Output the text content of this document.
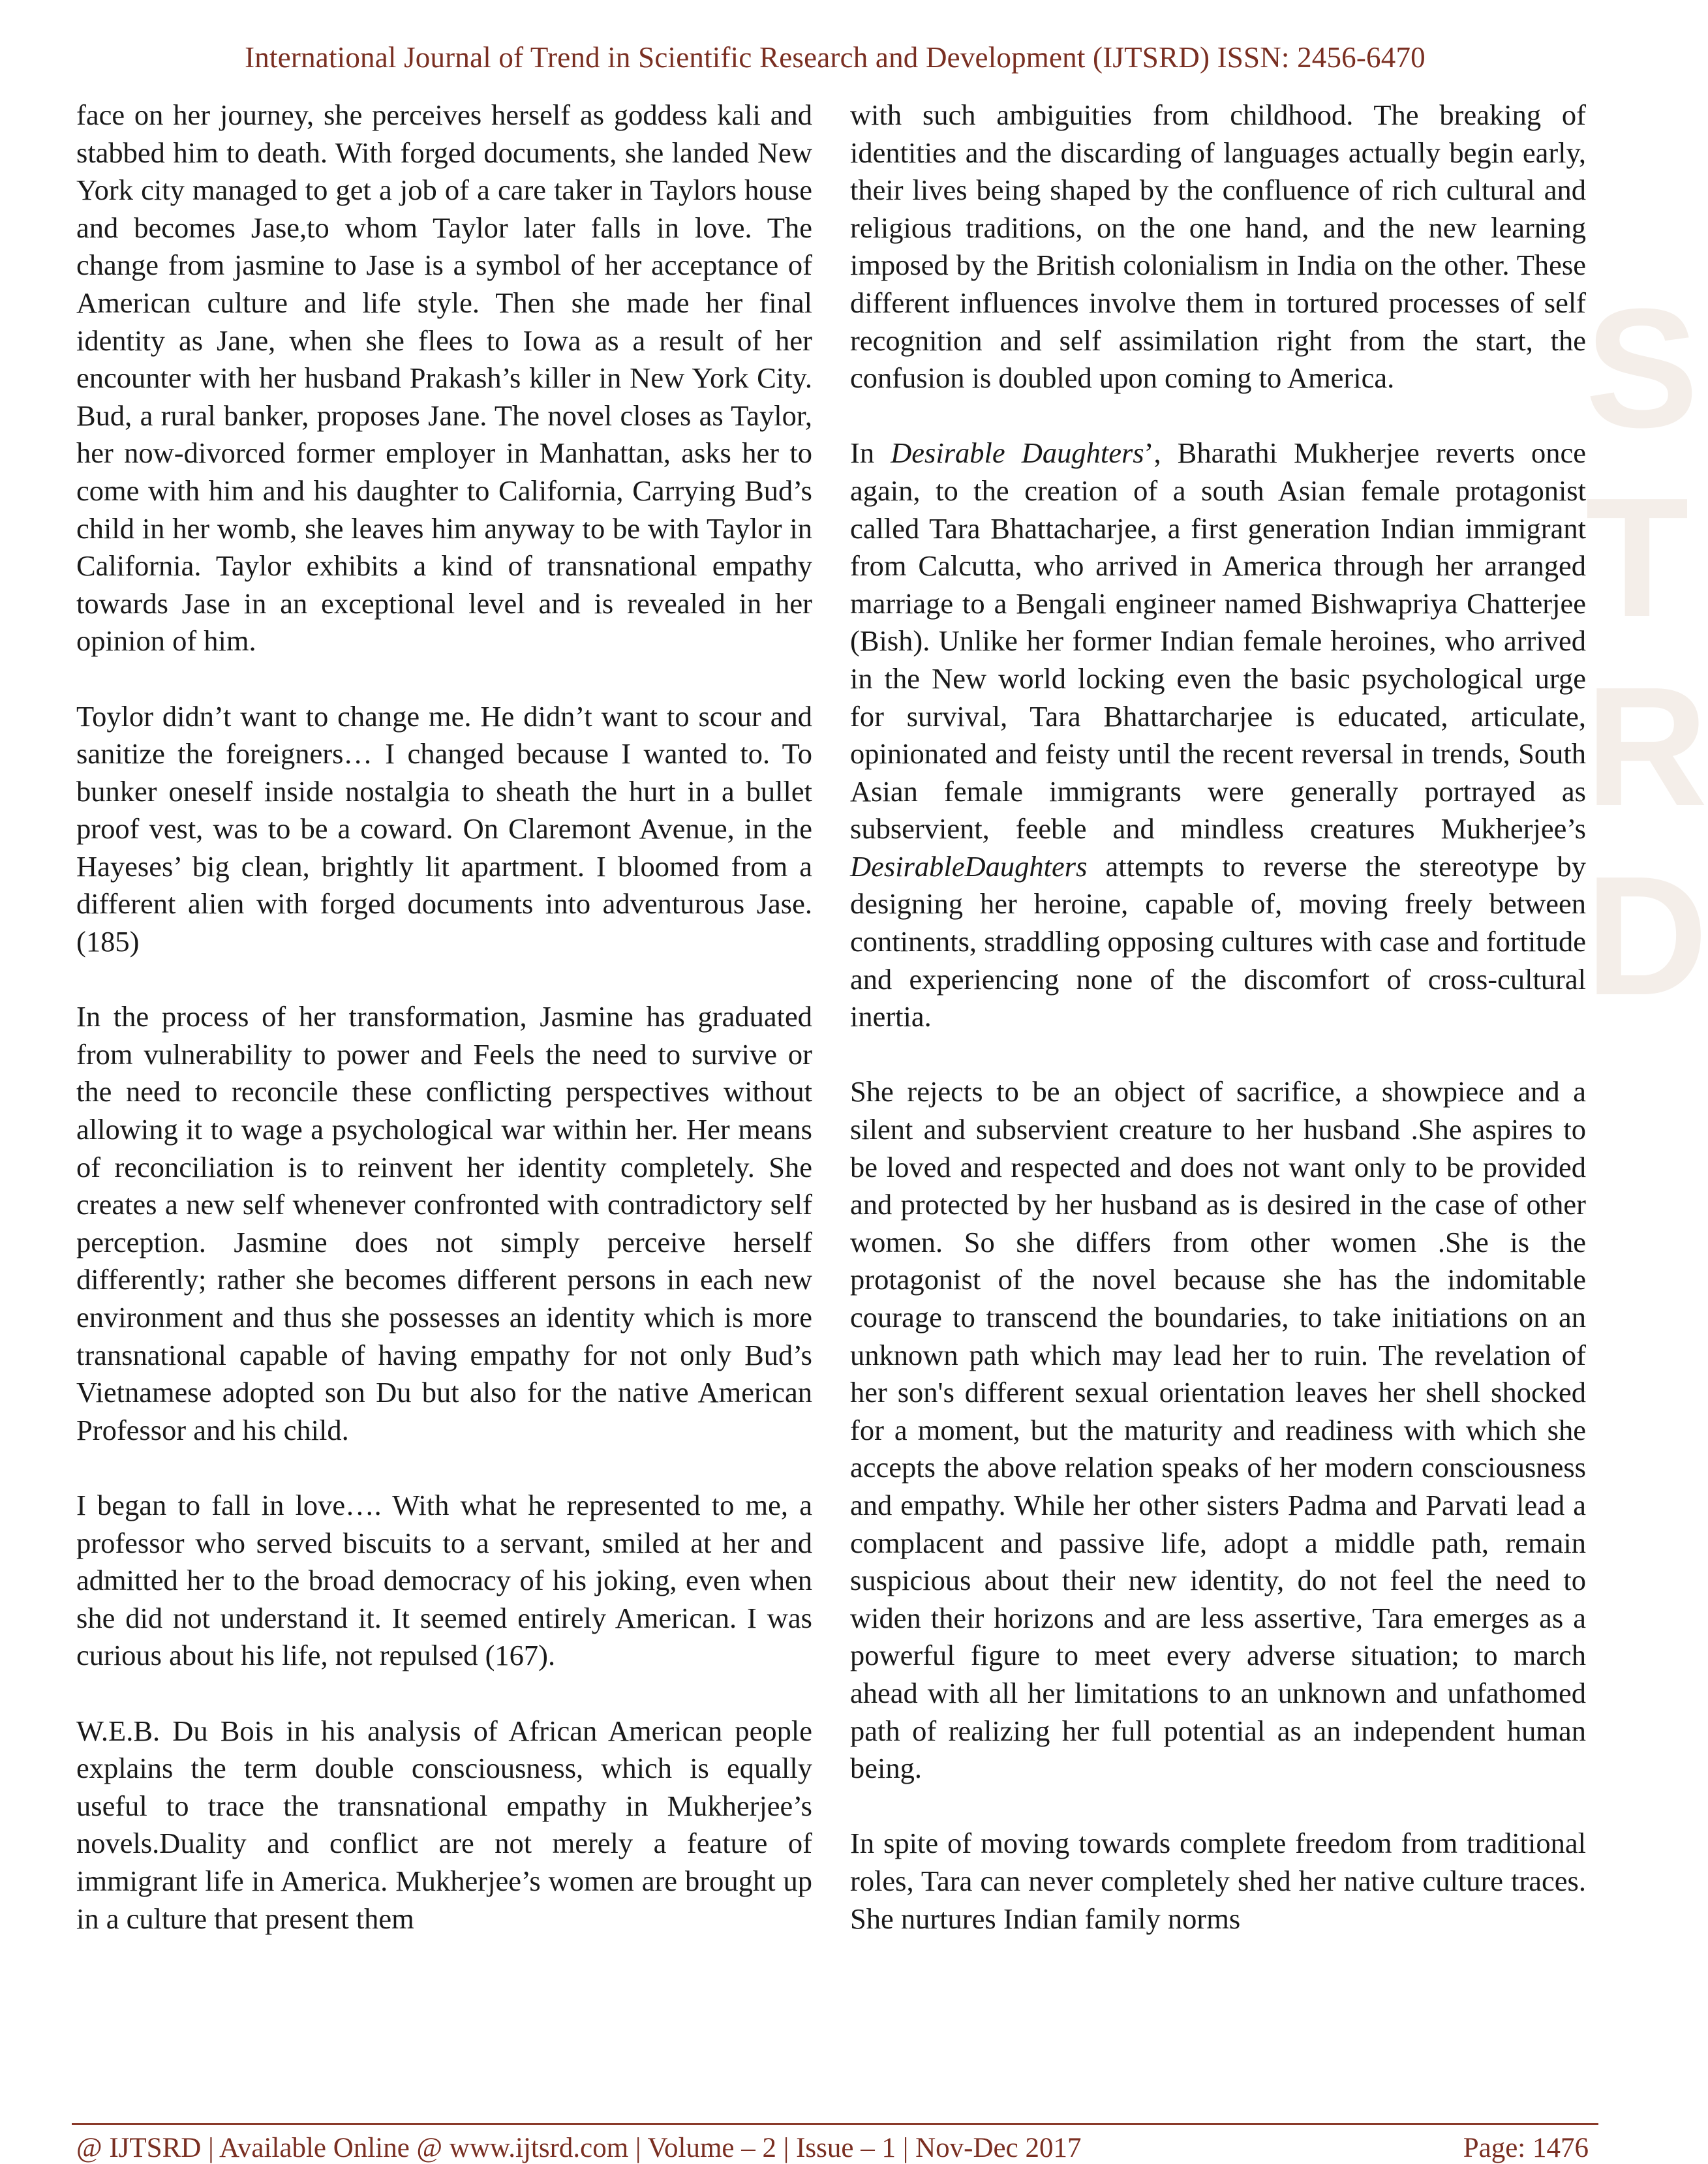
S
T
R
D
International Journal of Trend in Scientific Research and Development (IJTSRD) ISSN: 2456-6470

face on her journey, she perceives herself as goddess kali and stabbed him to death. With forged documents, she landed New York city managed to get a job of a care taker in Taylors house and becomes Jase,to whom Taylor later falls in love. The change from jasmine to Jase is a symbol of her acceptance of American culture and life style. Then she made her final identity as Jane, when she flees to Iowa as a result of her encounter with her husband Prakash’s killer in New York City. Bud, a rural banker, proposes Jane. The novel closes as Taylor, her now-divorced former employer in Manhattan, asks her to come with him and his daughter to California, Carrying Bud’s child in her womb, she leaves him anyway to be with Taylor in California. Taylor exhibits a kind of transnational empathy towards Jase in an exceptional level and is revealed in her opinion of him.

Toylor didn’t want to change me. He didn’t want to scour and sanitize the foreigners… I changed because I wanted to. To bunker oneself inside nostalgia to sheath the hurt in a bullet proof vest, was to be a coward. On Claremont Avenue, in the Hayeses’ big clean, brightly lit apartment. I bloomed from a different alien with forged documents into adventurous Jase. (185)

In the process of her transformation, Jasmine has graduated from vulnerability to power and Feels the need to survive or the need to reconcile these conflicting perspectives without allowing it to wage a psychological war within her. Her means of reconciliation is to reinvent her identity completely. She creates a new self whenever confronted with contradictory self perception. Jasmine does not simply perceive herself differently; rather she becomes different persons in each new environment and thus she possesses an identity which is more transnational capable of having empathy for not only Bud’s Vietnamese adopted son Du but also for the native American Professor and his child.

I began to fall in love…. With what he represented to me, a professor who served biscuits to a servant, smiled at her and admitted her to the broad democracy of his joking, even when she did not understand it. It seemed entirely American. I was curious about his life, not repulsed (167).

W.E.B. Du Bois in his analysis of African American people explains the term double consciousness, which is equally useful to trace the transnational empathy in Mukherjee’s novels.Duality and conflict are not merely a feature of immigrant life in America. Mukherjee’s women are brought up in a culture that present them

with such ambiguities from childhood. The breaking of identities and the discarding of languages actually begin early, their lives being shaped by the confluence of rich cultural and religious traditions, on the one hand, and the new learning imposed by the British colonialism in India on the other. These different influences involve them in tortured processes of self recognition and self assimilation right from the start, the confusion is doubled upon coming to America.

In Desirable Daughters’, Bharathi Mukherjee reverts once again, to the creation of a south Asian female protagonist called Tara Bhattacharjee, a first generation Indian immigrant from Calcutta, who arrived in America through her arranged marriage to a Bengali engineer named Bishwapriya Chatterjee (Bish). Unlike her former Indian female heroines, who arrived in the New world locking even the basic psychological urge for survival, Tara Bhattarcharjee is educated, articulate, opinionated and feisty until the recent reversal in trends, South Asian female immigrants were generally portrayed as subservient, feeble and mindless creatures Mukherjee’s DesirableDaughters attempts to reverse the stereotype by designing her heroine, capable of, moving freely between continents, straddling opposing cultures with case and fortitude and experiencing none of the discomfort of cross-cultural inertia.

She rejects to be an object of sacrifice, a showpiece and a silent and subservient creature to her husband .She aspires to be loved and respected and does not want only to be provided and protected by her husband as is desired in the case of other women. So she differs from other women .She is the protagonist of the novel because she has the indomitable courage to transcend the boundaries, to take initiations on an unknown path which may lead her to ruin. The revelation of her son's different sexual orientation leaves her shell shocked for a moment, but the maturity and readiness with which she accepts the above relation speaks of her modern consciousness and empathy. While her other sisters Padma and Parvati lead a complacent and passive life, adopt a middle path, remain suspicious about their new identity, do not feel the need to widen their horizons and are less assertive, Tara emerges as a powerful figure to meet every adverse situation; to march ahead with all her limitations to an unknown and unfathomed path of realizing her full potential as an independent human being.

In spite of moving towards complete freedom from traditional roles, Tara can never completely shed her native culture traces. She nurtures Indian family norms

@ IJTSRD | Available Online @ www.ijtsrd.com | Volume – 2 | Issue – 1 | Nov-Dec 2017	Page: 1476
